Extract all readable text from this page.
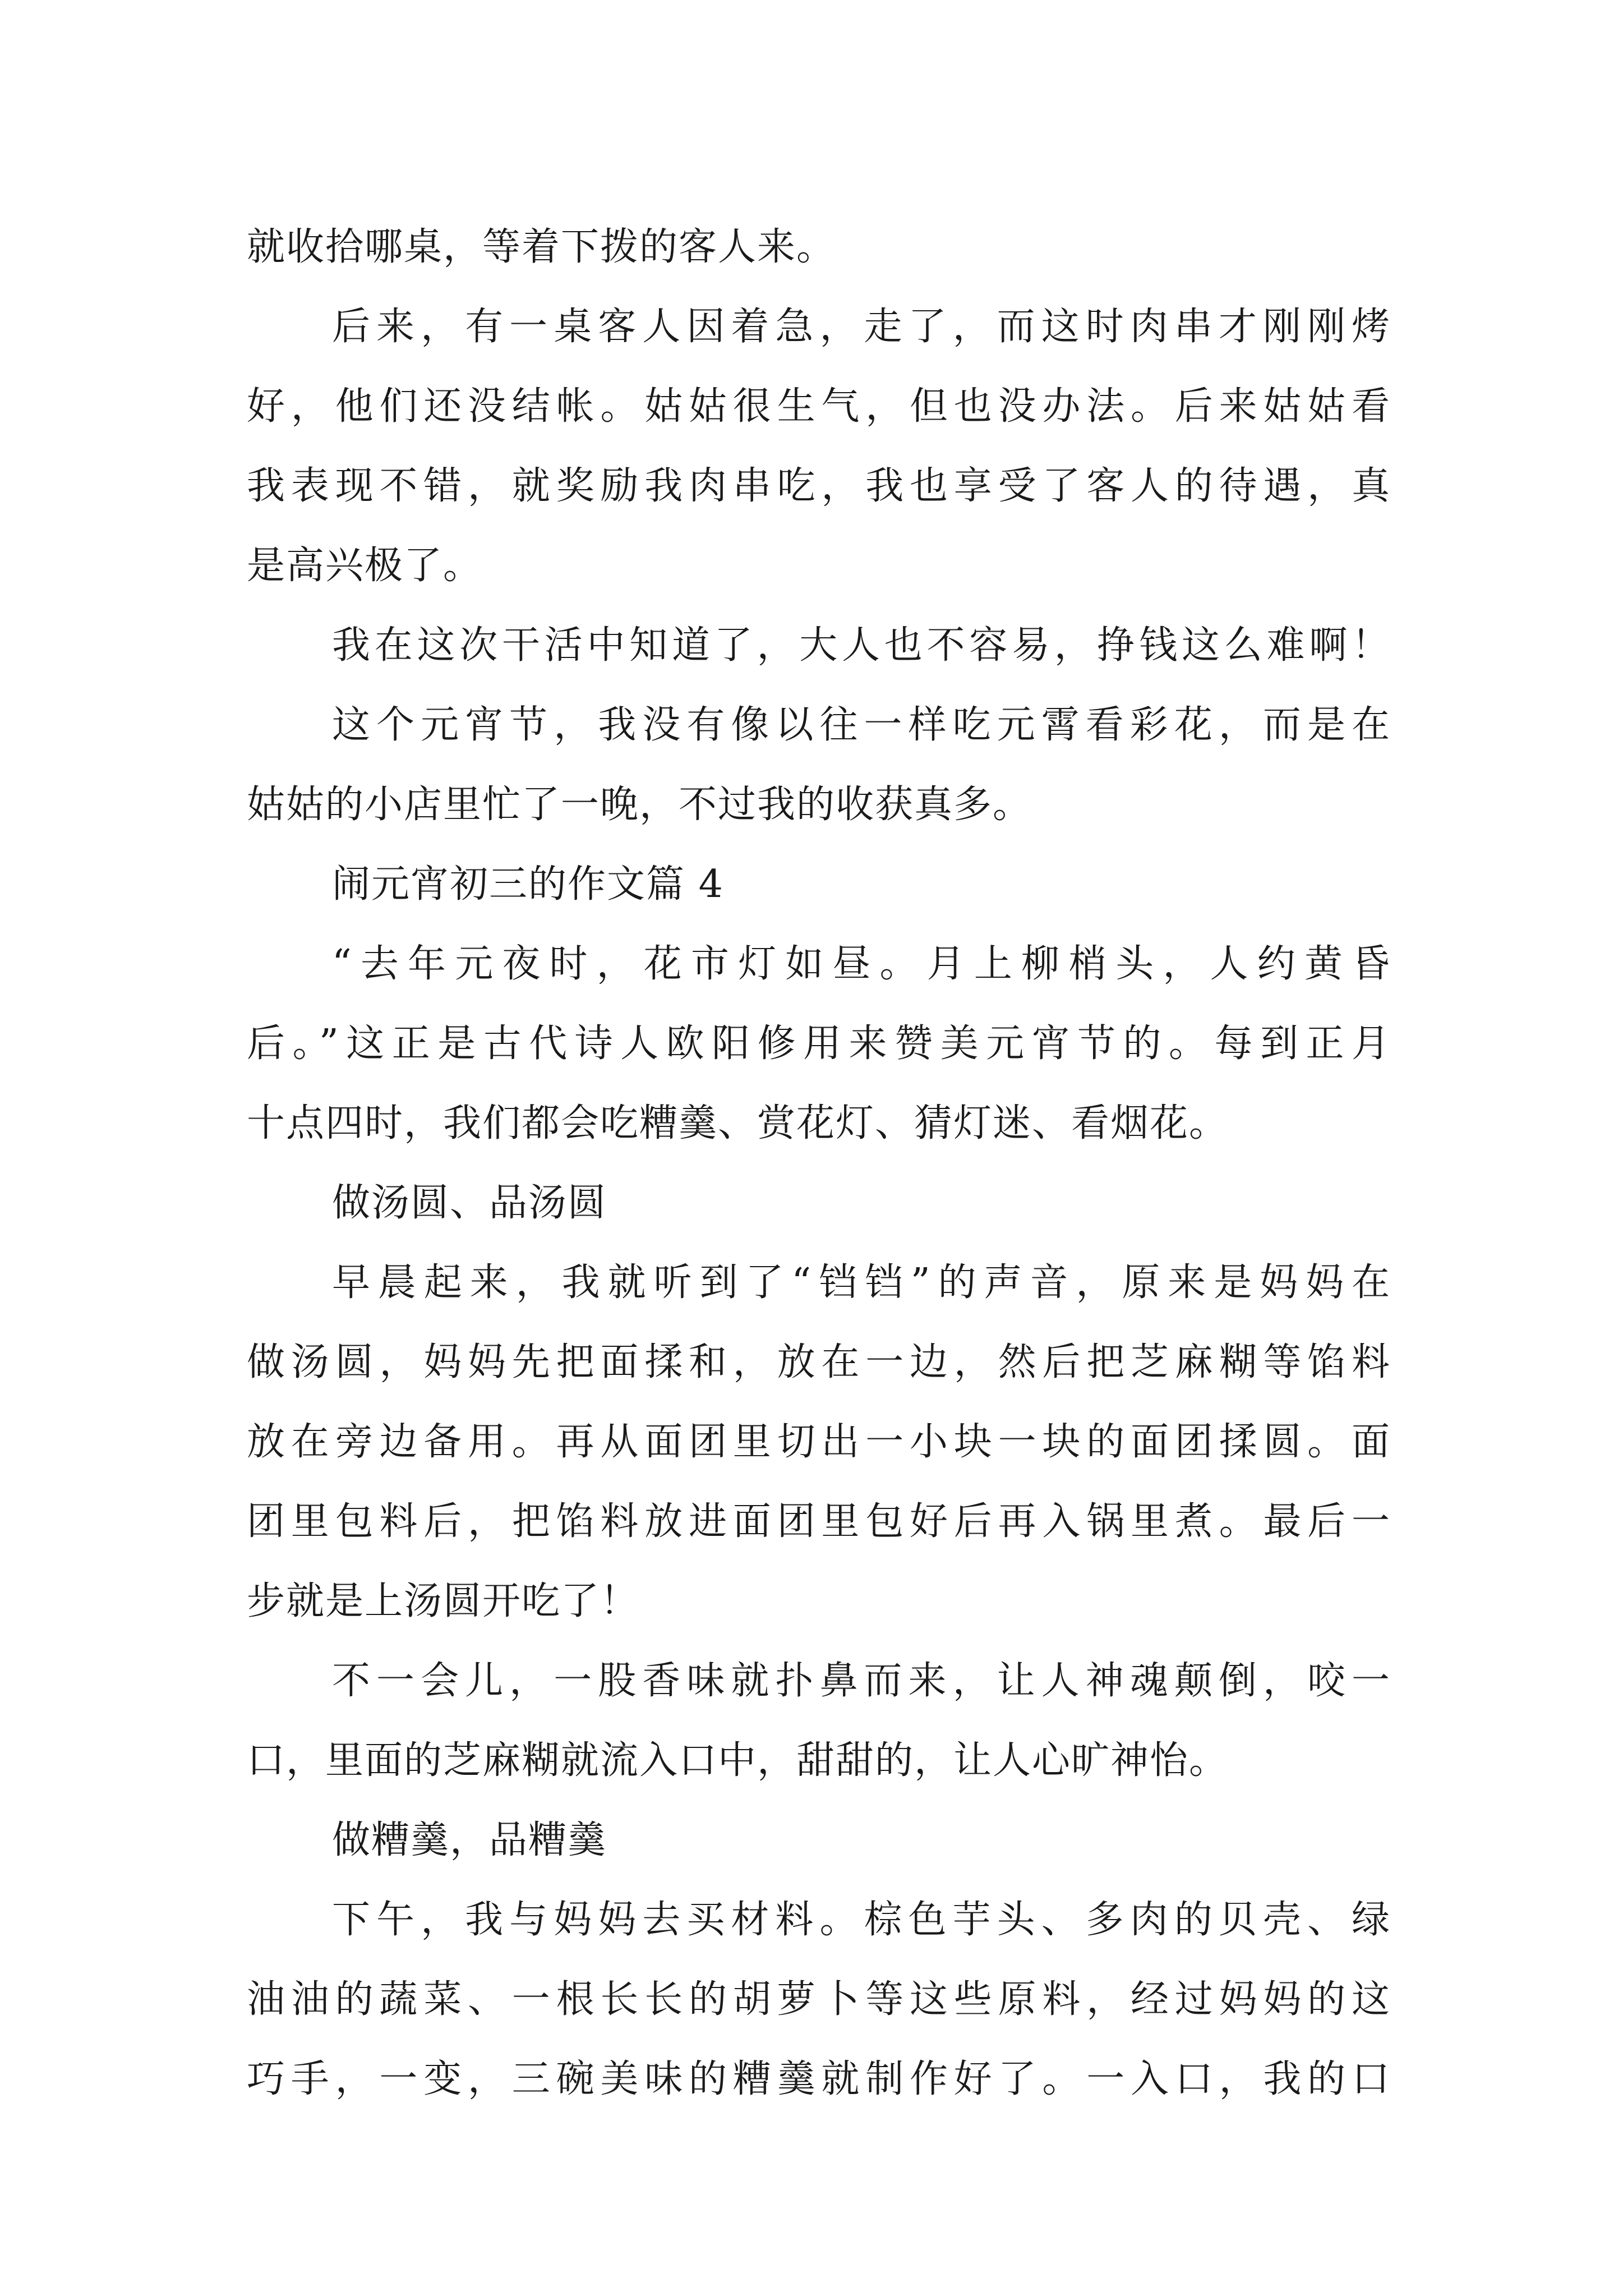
就收拾哪桌，等着下拨的客人来。
后来，有一桌客人因着急，走了，而这时肉串才刚刚烤
好，他们还没结帐。姑姑很生气，但也没办法。后来姑姑看
我表现不错，就奖励我肉串吃，我也享受了客人的待遇，真
是高兴极了。
我在这次干活中知道了，大人也不容易，挣钱这么难啊！
这个元宵节，我没有像以往一样吃元霄看彩花，而是在
姑姑的小店里忙了一晚，不过我的收获真多。
闹元宵初三的作文篇 4
“去年元夜时，花市灯如昼。月上柳梢头，人约黄昏
后。”这正是古代诗人欧阳修用来赞美元宵节的。每到正月
十点四时，我们都会吃糟羹、赏花灯、猜灯迷、看烟花。
做汤圆、品汤圆
早晨起来，我就听到了“铛铛”的声音，原来是妈妈在
做汤圆，妈妈先把面揉和，放在一边，然后把芝麻糊等馅料
放在旁边备用。再从面团里切出一小块一块的面团揉圆。面
团里包料后，把馅料放进面团里包好后再入锅里煮。最后一
步就是上汤圆开吃了！
不一会儿，一股香味就扑鼻而来，让人神魂颠倒，咬一
口，里面的芝麻糊就流入口中，甜甜的，让人心旷神怡。
做糟羹，品糟羹
下午，我与妈妈去买材料。棕色芋头、多肉的贝壳、绿
油油的蔬菜、一根长长的胡萝卜等这些原料，经过妈妈的这
巧手，一变，三碗美味的糟羹就制作好了。一入口，我的口
